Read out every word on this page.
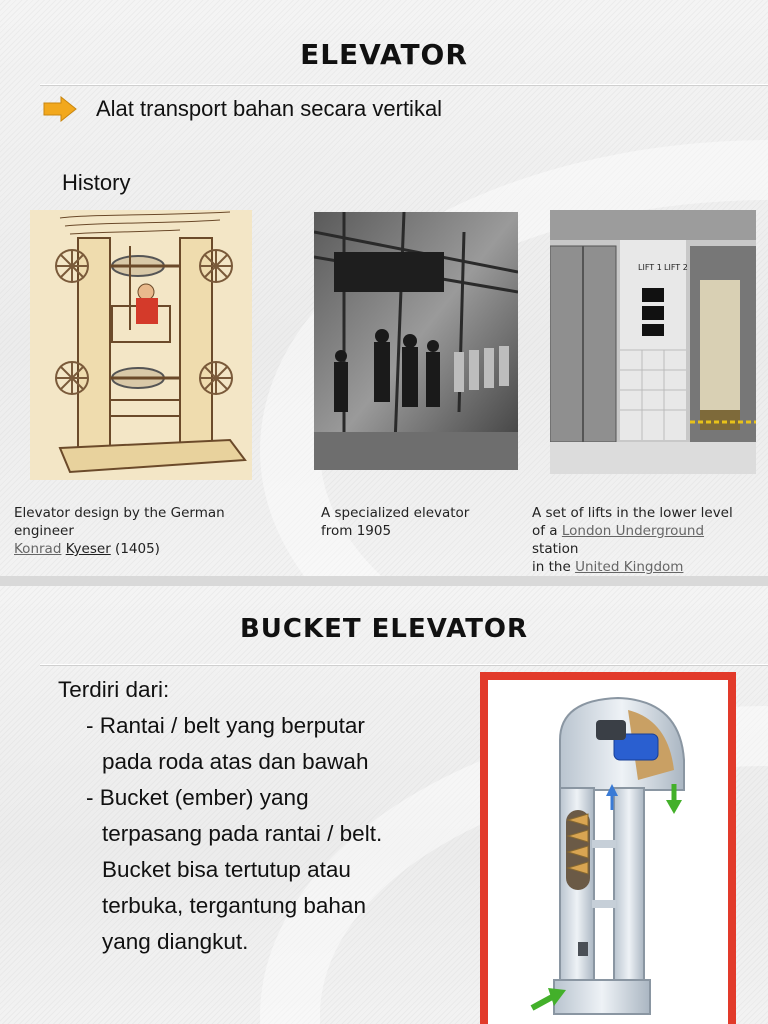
ELEVATOR
Alat transport bahan secara vertikal
History
LIFT 1 LIFT 2
Elevator design by the German
engineer
Konrad Kyeser (1405)
A specialized elevator
from 1905
A set of lifts in the lower level
of a London Underground
station
in the United Kingdom
BUCKET ELEVATOR
Terdiri dari:
- Rantai / belt yang berputar
pada roda atas dan bawah
- Bucket (ember) yang
terpasang pada rantai / belt.
Bucket bisa tertutup atau
terbuka, tergantung bahan
yang diangkut.
